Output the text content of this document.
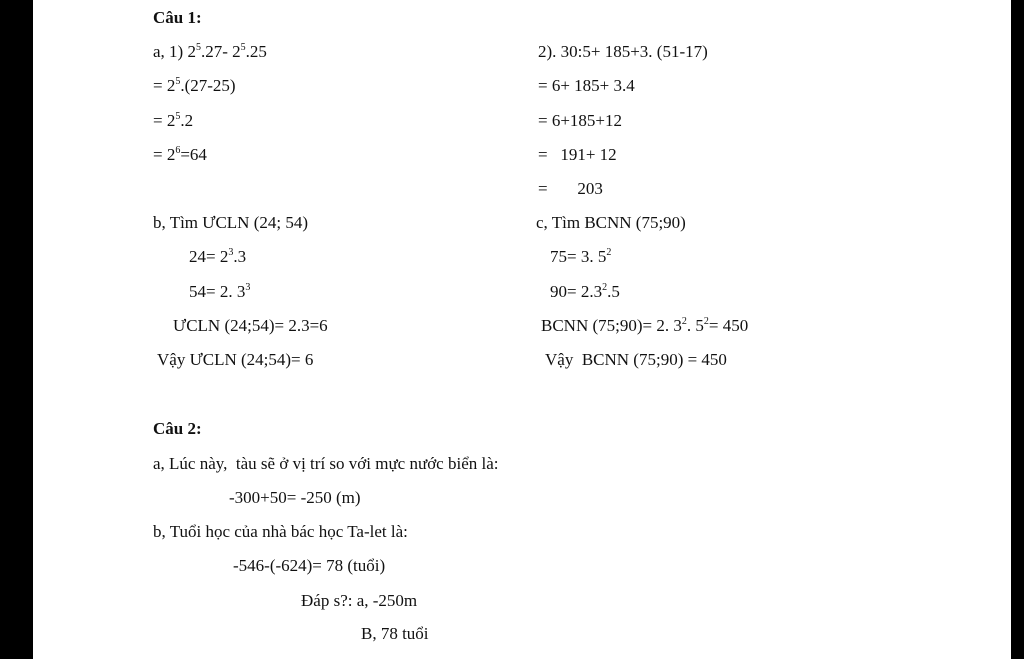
Câu 1:
a, 1) $2^5.27-$ $2^5.25$
= $2^5.(27-25)$
= $2^5.2$
= $2^6=64$
2). 30:5+ 185+3. (51-17)
= 6+ 185+ 3.4
= 6+185+12
=   191+ 12
=       203
b, Tìm ƯCLN (24; 54)
$24= 2^3.3$
54= 2. $3^3$
ƯCLN (24;54)= 2.3=6
Vậy ƯCLN (24;54)= 6
c, Tìm BCNN (75;90)
75= 3. $5^2$
$90= 2.3^2.5$
BCNN (75;90)= 2. $3^2$. $5^2= 450$
Vậy  BCNN (75;90) = 450
Câu 2:
a, Lúc này,  tàu sẽ ở vị trí so với mực nước biển là:
-300+50= -250 (m)
b, Tuổi học của nhà bác học Ta-let là:
-546-(-624)= 78 (tuổi)
Đáp s?: a, -250m
B, 78 tuổi
